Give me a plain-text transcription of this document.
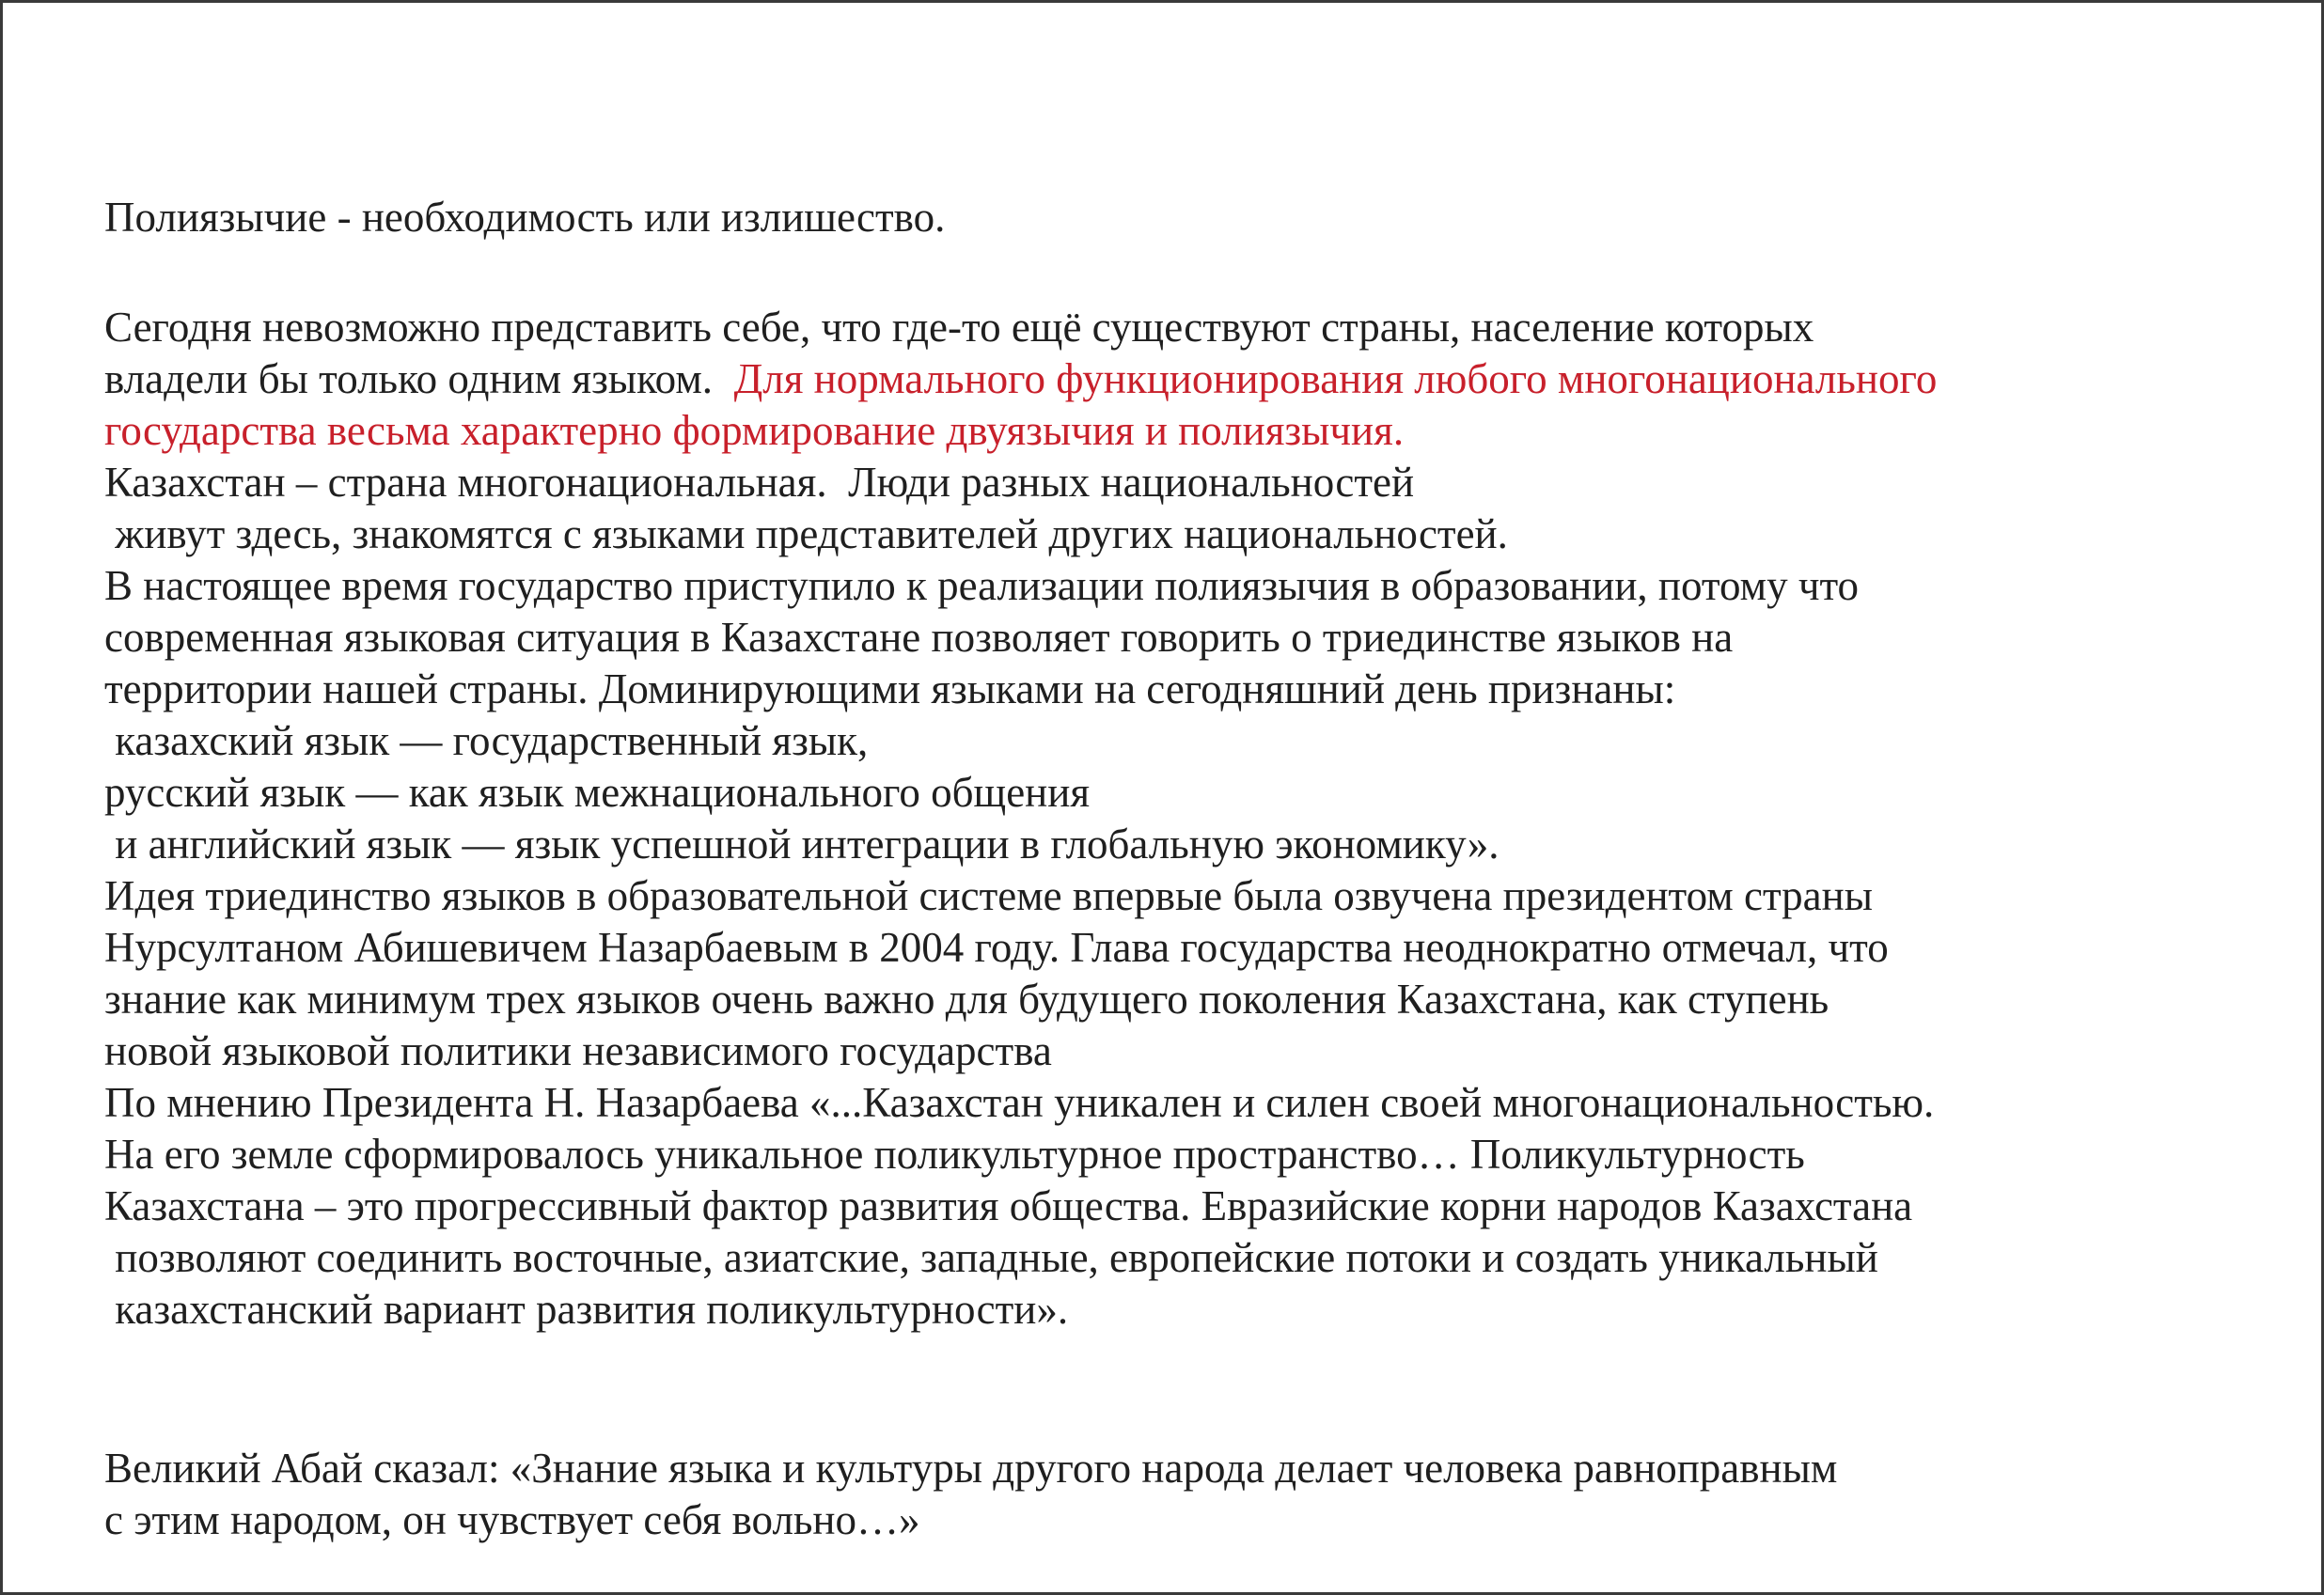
Полиязычие - необходимость или излишество.
Сегодня невозможно представить себе, что где-то ещё существуют страны, население которых
владели бы только одним языком.  Для нормального функционирования любого многонационального
государства весьма характерно формирование двуязычия и полиязычия.
Казахстан – страна многонациональная.  Люди разных национальностей
живут здесь, знакомятся с языками представителей других национальностей.
В настоящее время государство приступило к реализации полиязычия в образовании, потому что
современная языковая ситуация в Казахстане позволяет говорить о триединстве языков на
территории нашей страны. Доминирующими языками на сегодняшний день признаны:
казахский язык — государственный язык,
русский язык — как язык межнационального общения
и английский язык — язык успешной интеграции в глобальную экономику».
Идея триединство языков в образовательной системе впервые была озвучена президентом страны
Нурсултаном Абишевичем Назарбаевым в 2004 году. Глава государства неоднократно отмечал, что
знание как минимум трех языков очень важно для будущего поколения Казахстана, как ступень
новой языковой политики независимого государства
По мнению Президента Н. Назарбаева «...Казахстан уникален и силен своей многонациональностью.
На его земле сформировалось уникальное поликультурное пространство… Поликультурность
Казахстана – это прогрессивный фактор развития общества. Евразийские корни народов Казахстана
позволяют соединить восточные, азиатские, западные, европейские потоки и создать уникальный
казахстанский вариант развития поликультурности».
Великий Абай сказал: «Знание языка и культуры другого народа делает человека равноправным
с этим народом, он чувствует себя вольно…»
